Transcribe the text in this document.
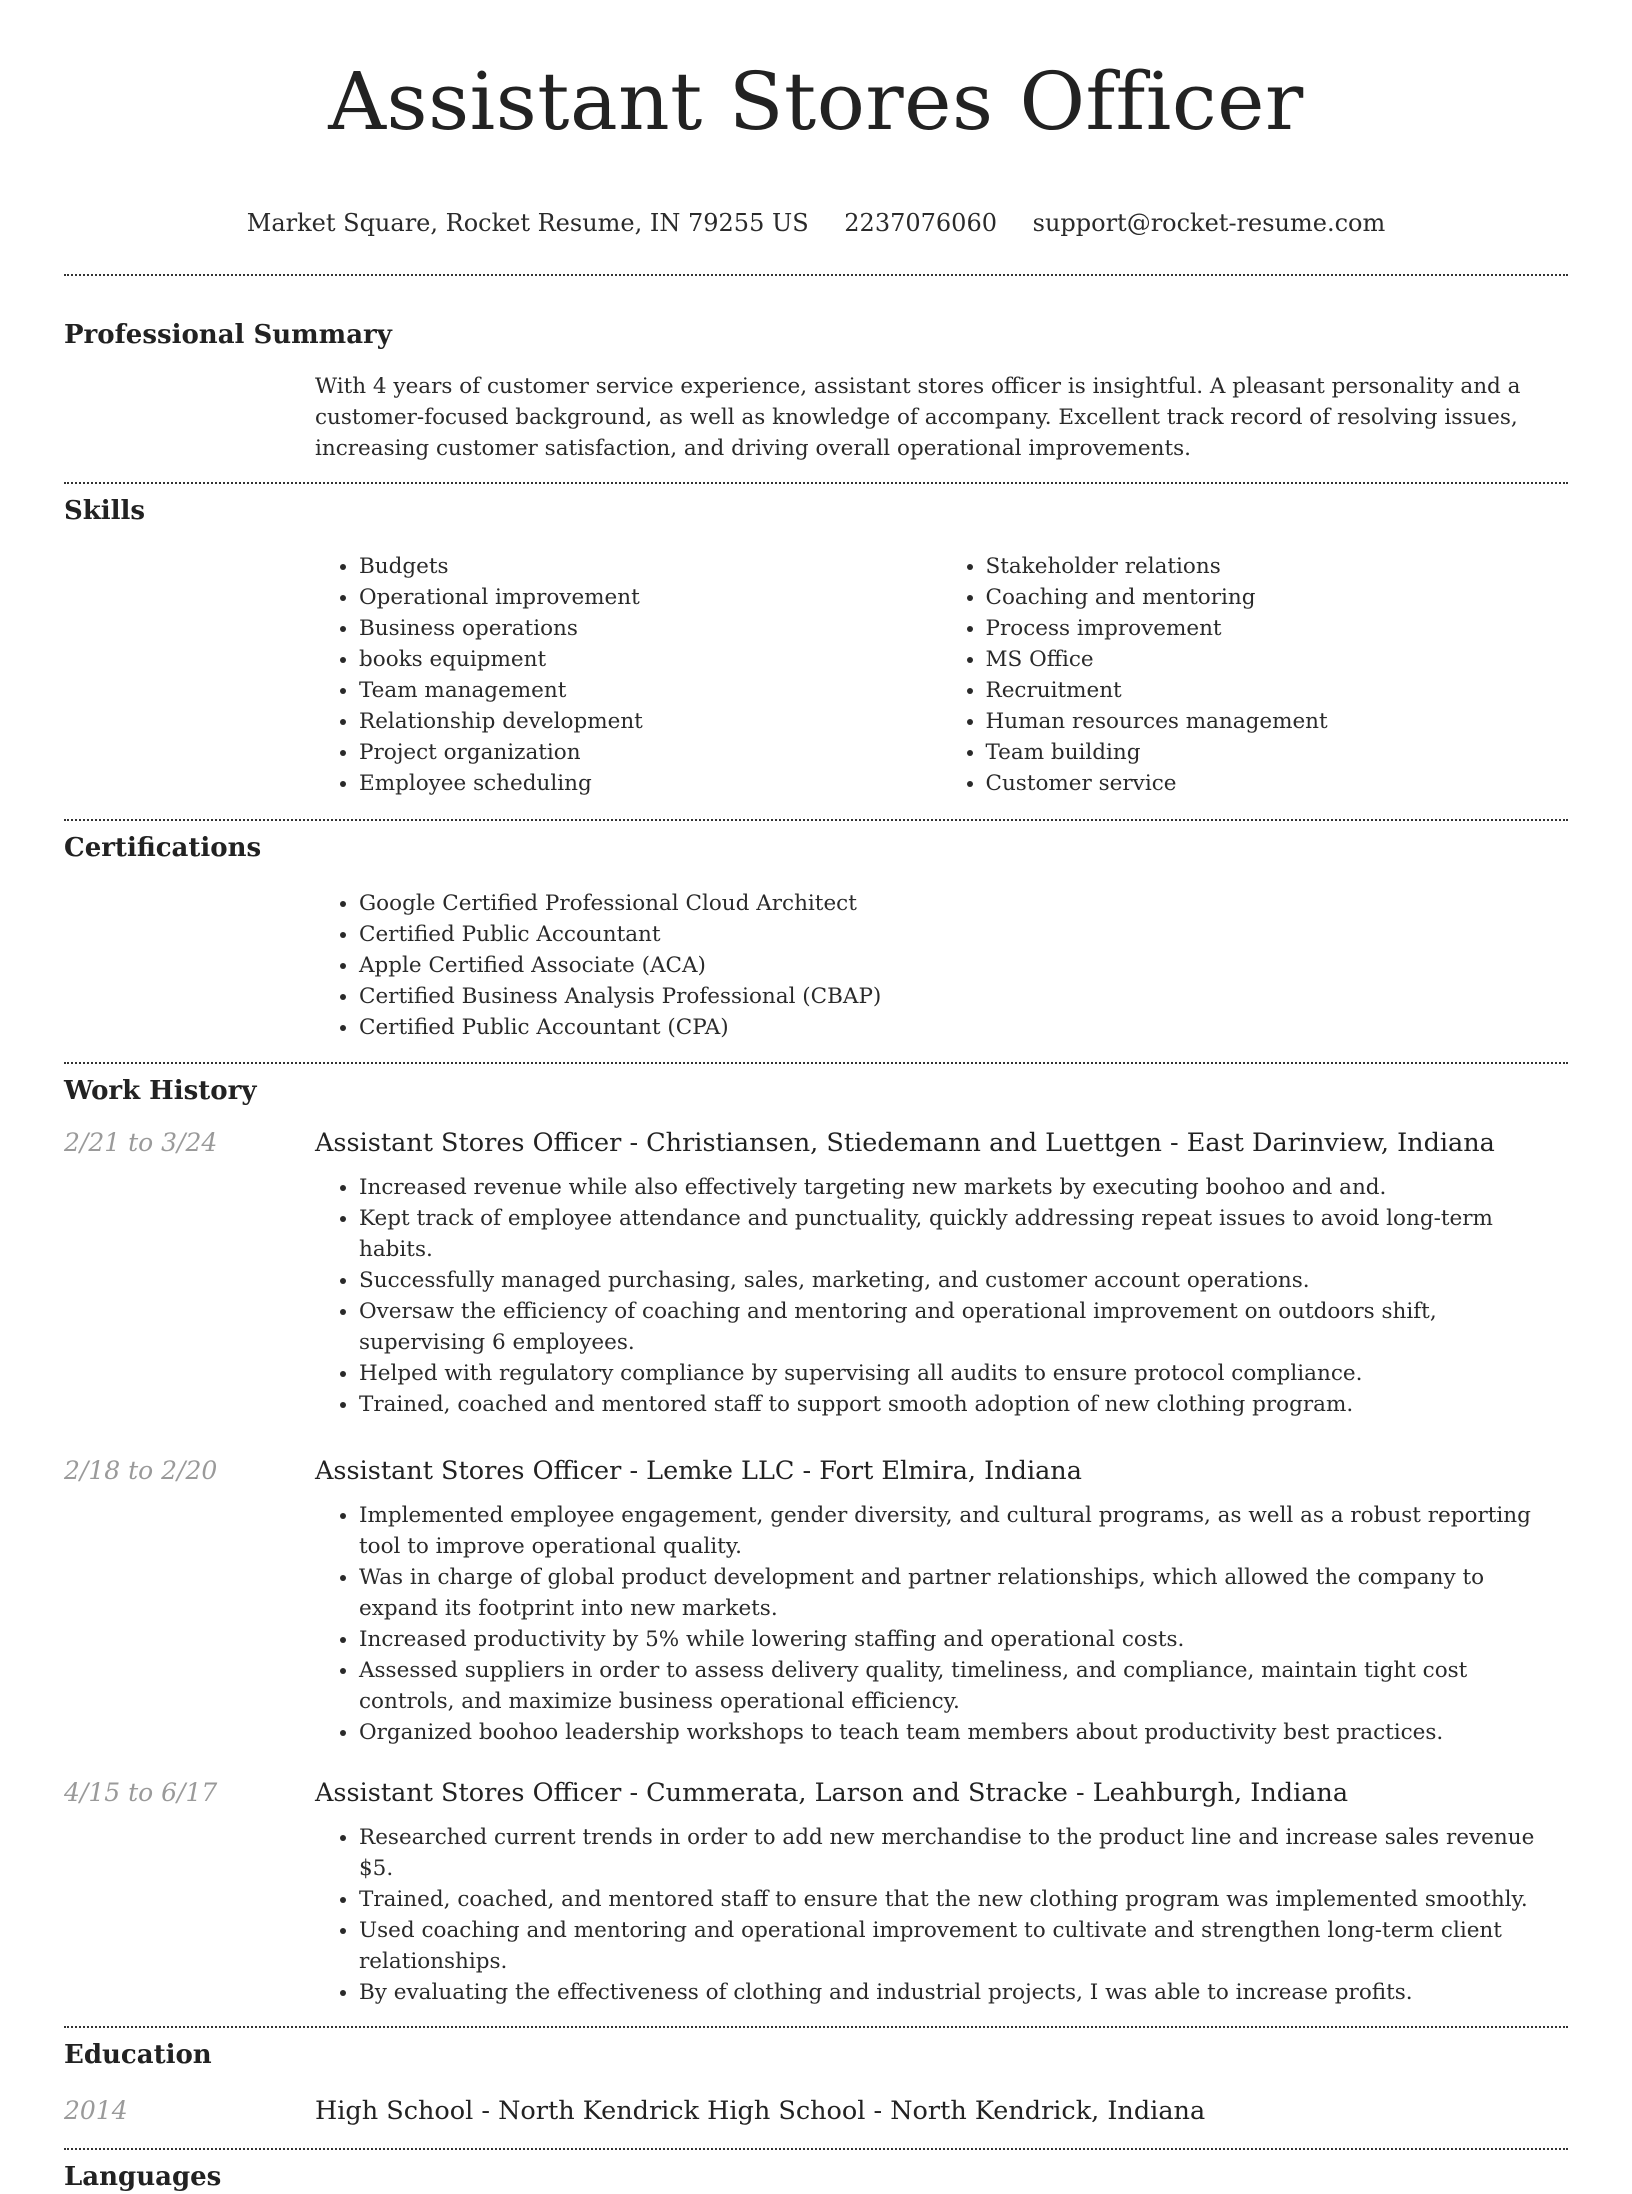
Assistant Stores Officer
Market Square, Rocket Resume, IN 79255 US 2237076060 support@rocket-resume.com
Professional Summary
With 4 years of customer service experience, assistant stores officer is insightful. A pleasant personality and a customer-focused background, as well as knowledge of accompany. Excellent track record of resolving issues, increasing customer satisfaction, and driving overall operational improvements.
Skills
• Budgets
• Operational improvement
• Business operations
• books equipment
• Team management
• Relationship development
• Project organization
• Employee scheduling
• Stakeholder relations
• Coaching and mentoring
• Process improvement
• MS Office
• Recruitment
• Human resources management
• Team building
• Customer service
Certifications
• Google Certified Professional Cloud Architect
• Certified Public Accountant
• Apple Certified Associate (ACA)
• Certified Business Analysis Professional (CBAP)
• Certified Public Accountant (CPA)
Work History
2/21 to 3/24	Assistant Stores Officer - Christiansen, Stiedemann and Luettgen - East Darinview, Indiana
• Increased revenue while also effectively targeting new markets by executing boohoo and and.
• Kept track of employee attendance and punctuality, quickly addressing repeat issues to avoid long-term habits.
• Successfully managed purchasing, sales, marketing, and customer account operations.
• Oversaw the efficiency of coaching and mentoring and operational improvement on outdoors shift, supervising 6 employees.
• Helped with regulatory compliance by supervising all audits to ensure protocol compliance.
• Trained, coached and mentored staff to support smooth adoption of new clothing program.
2/18 to 2/20	Assistant Stores Officer - Lemke LLC - Fort Elmira, Indiana
• Implemented employee engagement, gender diversity, and cultural programs, as well as a robust reporting tool to improve operational quality.
• Was in charge of global product development and partner relationships, which allowed the company to expand its footprint into new markets.
• Increased productivity by 5% while lowering staffing and operational costs.
• Assessed suppliers in order to assess delivery quality, timeliness, and compliance, maintain tight cost controls, and maximize business operational efficiency.
• Organized boohoo leadership workshops to teach team members about productivity best practices.
4/15 to 6/17	Assistant Stores Officer - Cummerata, Larson and Stracke - Leahburgh, Indiana
• Researched current trends in order to add new merchandise to the product line and increase sales revenue $5.
• Trained, coached, and mentored staff to ensure that the new clothing program was implemented smoothly.
• Used coaching and mentoring and operational improvement to cultivate and strengthen long-term client relationships.
• By evaluating the effectiveness of clothing and industrial projects, I was able to increase profits.
Education
2014	High School - North Kendrick High School - North Kendrick, Indiana
Languages
